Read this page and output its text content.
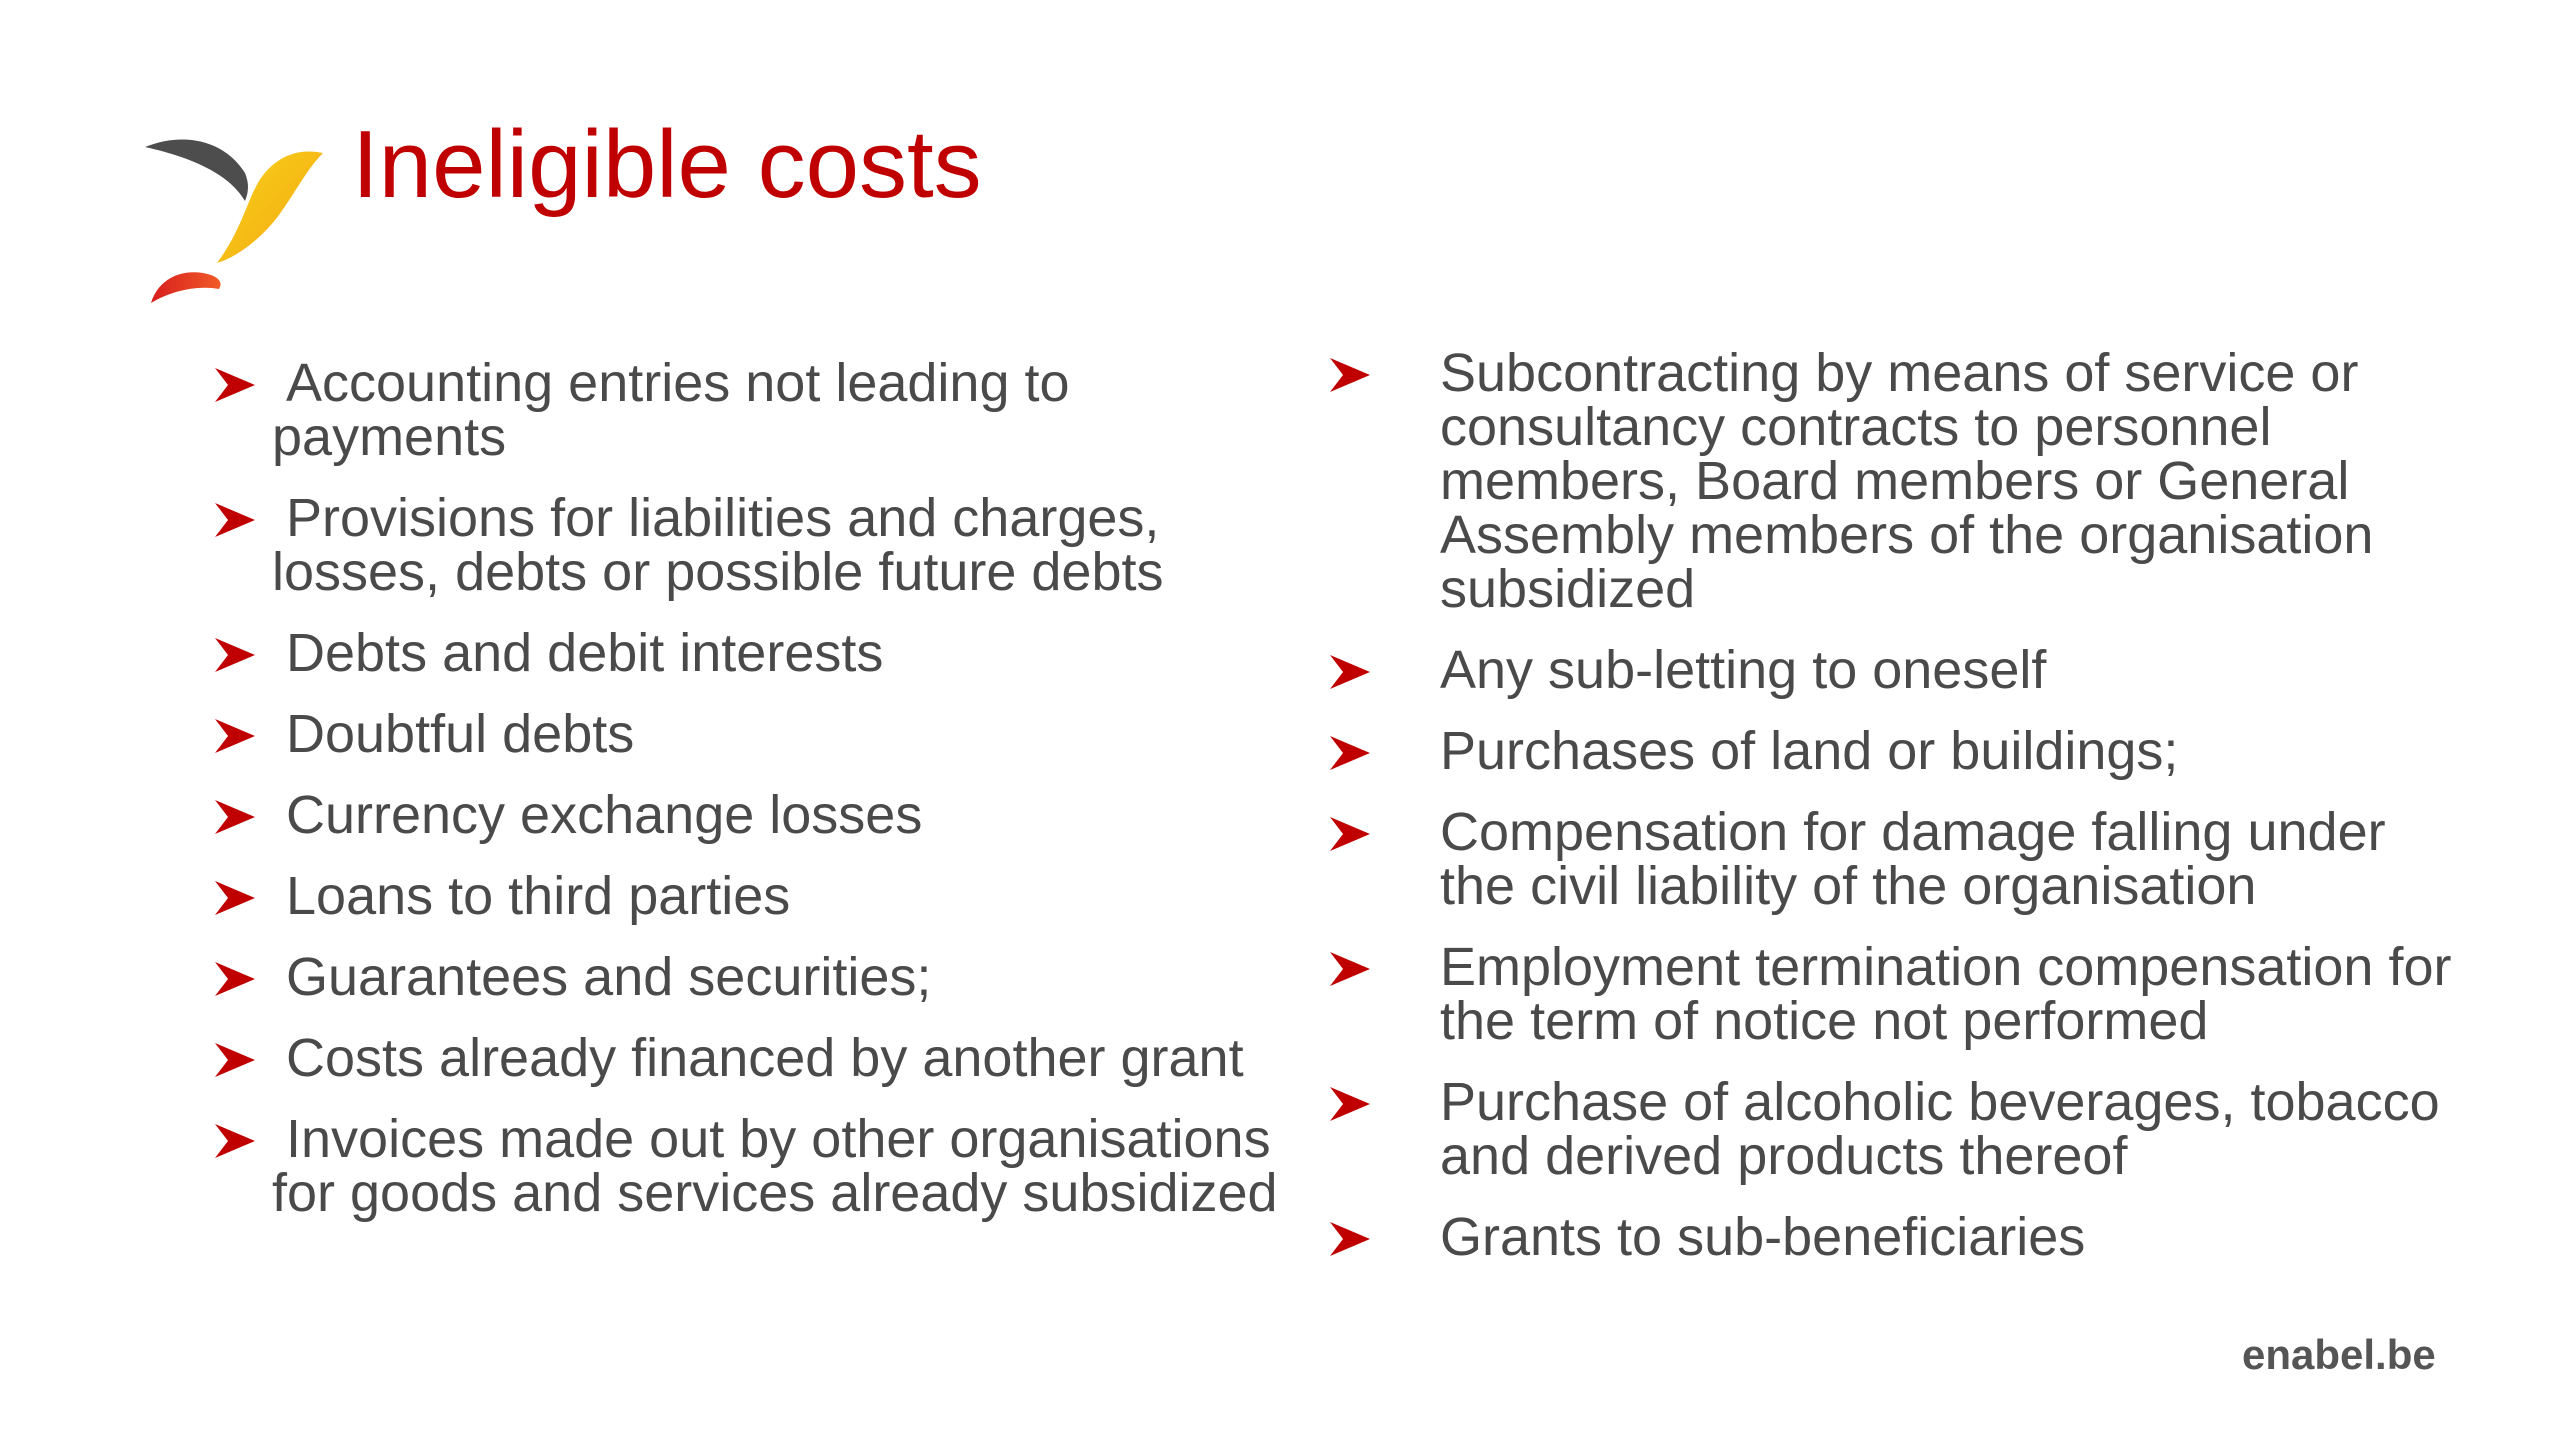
Ineligible costs
Accounting entries not leading to payments
Provisions for liabilities and charges, losses, debts or possible future debts
Debts and debit interests
Doubtful debts
Currency exchange losses
Loans to third parties
Guarantees and securities;
Costs already financed by another grant
Invoices made out by other organisations for goods and services already subsidized
Subcontracting by means of service or consultancy contracts to personnel members, Board members or General Assembly members of the organisation subsidized
Any sub-letting to oneself
Purchases of land or buildings;
Compensation for damage falling under the civil liability of the organisation
Employment termination compensation for the term of notice not performed
Purchase of alcoholic beverages, tobacco and derived products thereof
Grants to sub-beneficiaries
enabel.be
